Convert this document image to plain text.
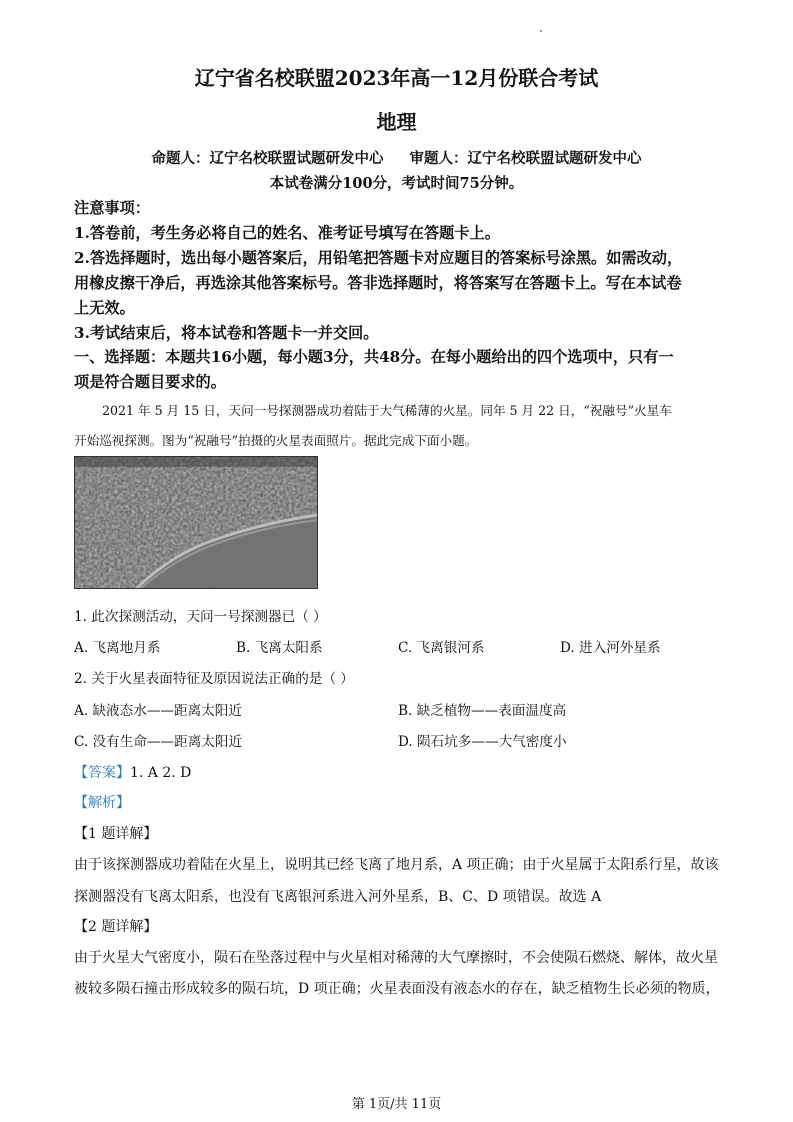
辽宁省名校联盟2023年高一12月份联合考试
地理
命题人：辽宁名校联盟试题研发中心 审题人：辽宁名校联盟试题研发中心
本试卷满分100分，考试时间75分钟。
注意事项：
1.答卷前，考生务必将自己的姓名、准考证号填写在答题卡上。
2.答选择题时，选出每小题答案后，用铅笔把答题卡对应题目的答案标号涂黑。如需改动，
用橡皮擦干净后，再选涂其他答案标号。答非选择题时，将答案写在答题卡上。写在本试卷
上无效。
3.考试结束后，将本试卷和答题卡一并交回。
一、选择题：本题共16小题，每小题3分，共48分。在每小题给出的四个选项中，只有一
项是符合题目要求的。
2021 年 5 月 15 日，天问一号探测器成功着陆于大气稀薄的火星。同年 5 月 22 日，“祝融号”火星车
开始巡视探测。图为“祝融号”拍摄的火星表面照片。据此完成下面小题。
1. 此次探测活动，天问一号探测器已（ ）
A. 飞离地月系	B. 飞离太阳系	C. 飞离银河系	D. 进入河外星系
2. 关于火星表面特征及原因说法正确的是（ ）
A. 缺液态水——距离太阳近	B. 缺乏植物——表面温度高
C. 没有生命——距离太阳近	D. 陨石坑多——大气密度小
【答案】1. A 2. D
【解析】
【1 题详解】
由于该探测器成功着陆在火星上，说明其已经飞离了地月系，A 项正确；由于火星属于太阳系行星，故该
探测器没有飞离太阳系，也没有飞离银河系进入河外星系，B、C、D 项错误。故选 A
【2 题详解】
由于火星大气密度小，陨石在坠落过程中与火星相对稀薄的大气摩擦时，不会使陨石燃烧、解体，故火星
被较多陨石撞击形成较多的陨石坑，D 项正确；火星表面没有液态水的存在，缺乏植物生长必须的物质，
第 1页/共 11页
